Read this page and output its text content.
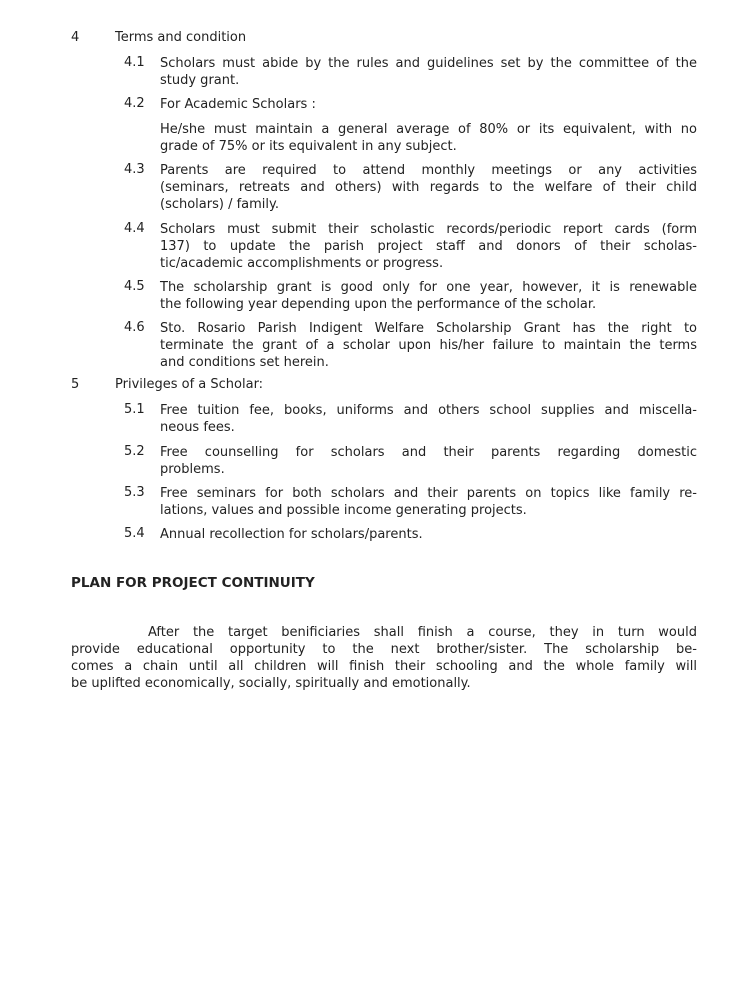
4	Terms and condition
4.1 Scholars must abide by the rules and guidelines set by the committee of the
study grant.
4.2 For Academic Scholars :
He/she must maintain a general average of 80% or its equivalent, with no
grade of 75% or its equivalent in any subject.
4.3 Parents are required to attend monthly meetings or any activities
(seminars, retreats and others) with regards to the welfare of their child
(scholars) / family.
4.4 Scholars must submit their scholastic records/periodic report cards (form
137) to update the parish project staff and donors of their scholas-
tic/academic accomplishments or progress.
4.5 The scholarship grant is good only for one year, however, it is renewable
the following year depending upon the performance of the scholar.
4.6 Sto. Rosario Parish Indigent Welfare Scholarship Grant has the right to
terminate the grant of a scholar upon his/her failure to maintain the terms
and conditions set herein.
5	Privileges of a Scholar:
5.1 Free tuition fee, books, uniforms and others school supplies and miscella-
neous fees.
5.2 Free counselling for scholars and their parents regarding domestic
problems.
5.3 Free seminars for both scholars and their parents on topics like family re-
lations, values and possible income generating projects.
5.4 Annual recollection for scholars/parents.
PLAN FOR PROJECT CONTINUITY
After the target benificiaries shall finish a course, they in turn would
provide educational opportunity to the next brother/sister. The scholarship be-
comes a chain until all children will finish their schooling and the whole family will
be uplifted economically, socially, spiritually and emotionally.
